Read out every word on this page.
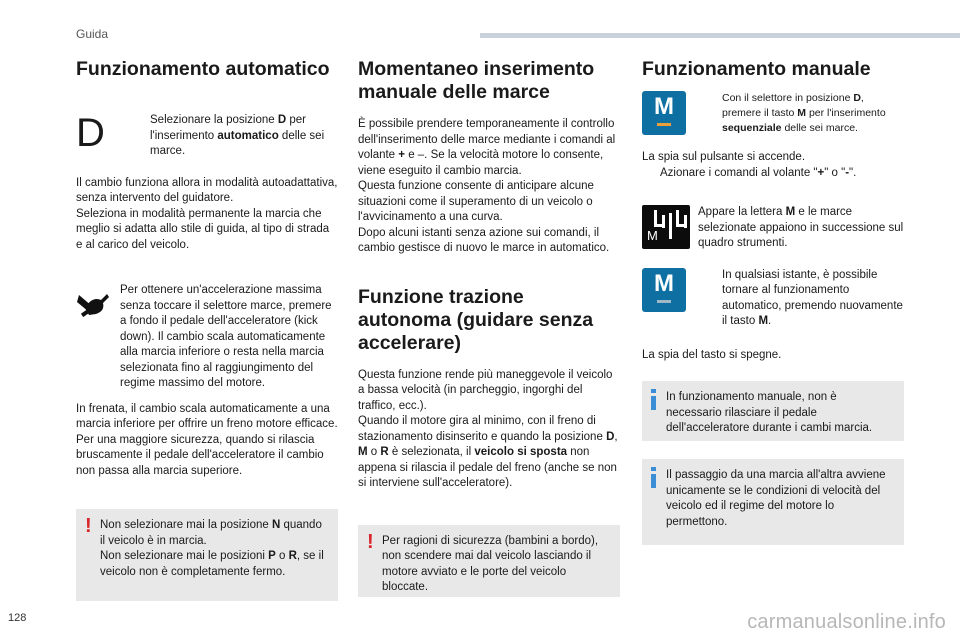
Guida
Funzionamento automatico
D	Selezionare la posizione D per l'inserimento automatico delle sei marce.

Il cambio funziona allora in modalità autoadattativa, senza intervento del guidatore.
Seleziona in modalità permanente la marcia che meglio si adatta allo stile di guida, al tipo di strada e al carico del veicolo.

Per ottenere un'accelerazione massima senza toccare il selettore marce, premere a fondo il pedale dell'acceleratore (kick down). Il cambio scala automaticamente alla marcia inferiore o resta nella marcia selezionata fino al raggiungimento del regime massimo del motore.

In frenata, il cambio scala automaticamente a una marcia inferiore per offrire un freno motore efficace.
Per una maggiore sicurezza, quando si rilascia bruscamente il pedale dell'acceleratore il cambio non passa alla marcia superiore.

! Non selezionare mai la posizione N quando il veicolo è in marcia.
Non selezionare mai le posizioni P o R, se il veicolo non è completamente fermo.

Momentaneo inserimento manuale delle marce

È possibile prendere temporaneamente il controllo dell'inserimento delle marce mediante i comandi al volante + e –. Se la velocità motore lo consente, viene eseguito il cambio marcia.
Questa funzione consente di anticipare alcune situazioni come il superamento di un veicolo o l'avvicinamento a una curva.
Dopo alcuni istanti senza azione sui comandi, il cambio gestisce di nuovo le marce in automatico.

Funzione trazione autonoma (guidare senza accelerare)

Questa funzione rende più maneggevole il veicolo a bassa velocità (in parcheggio, ingorghi del traffico, ecc.).
Quando il motore gira al minimo, con il freno di stazionamento disinserito e quando la posizione D, M o R è selezionata, il veicolo si sposta non appena si rilascia il pedale del freno (anche se non si interviene sull'acceleratore).

! Per ragioni di sicurezza (bambini a bordo), non scendere mai dal veicolo lasciando il motore avviato e le porte del veicolo bloccate.

Funzionamento manuale
M	Con il selettore in posizione D, premere il tasto M per l'inserimento sequenziale delle sei marce.

La spia sul pulsante si accende.

Azionare i comandi al volante "+" o "-".

M

Appare la lettera M e le marce selezionate appaiono in successione sul quadro strumenti.

M	In qualsiasi istante, è possibile tornare al funzionamento automatico, premendo nuovamente il tasto M.

La spia del tasto si spegne.

In funzionamento manuale, non è necessario rilasciare il pedale dell'acceleratore durante i cambi marcia.

Il passaggio da una marcia all'altra avviene unicamente se le condizioni di velocità del veicolo ed il regime del motore lo permettono.

128	carmanualsonline.info
